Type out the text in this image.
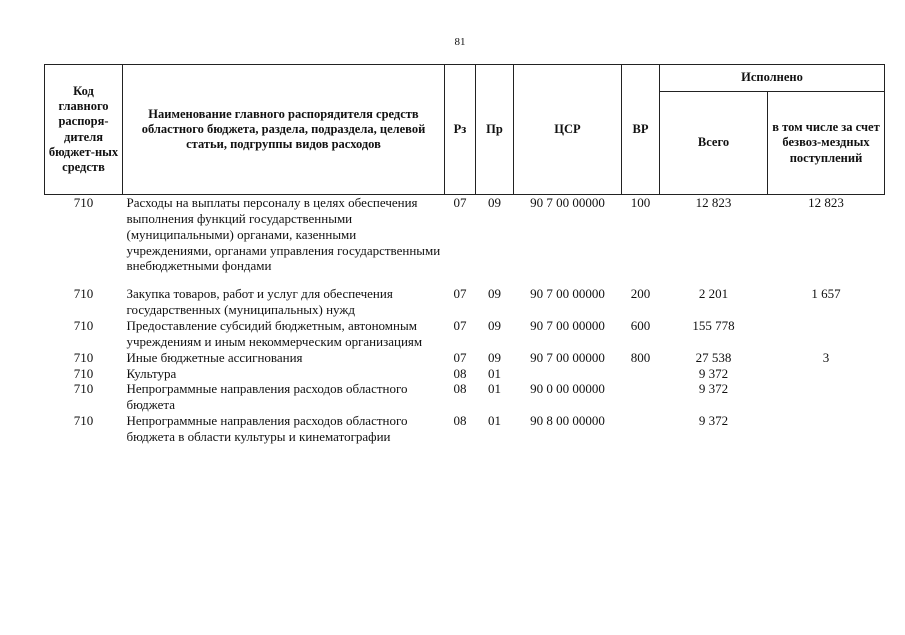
81
Код главного распоря-дителя бюджет-ных средств	Наименование главного распорядителя средств областного бюджета, раздела, подраздела, целевой статьи, подгруппы видов расходов	Рз	Пр	ЦСР	ВР	Исполнено	
						Всего	в том числе за счет безвоз-мездных поступлений
710	Расходы на выплаты персоналу в целях обеспечения выполнения функций государственными (муниципальными) органами, казенными учреждениями, органами управления государственными внебюджетными фондами	07	09	90 7 00 00000	100	12 823	12 823
710	Закупка товаров, работ и услуг для обеспечения государственных (муниципальных) нужд	07	09	90 7 00 00000	200	2 201	1 657
710	Предоставление субсидий бюджетным, автономным учреждениям и иным некоммерческим организациям	07	09	90 7 00 00000	600	155 778	
710	Иные бюджетные ассигнования	07	09	90 7 00 00000	800	27 538	3
710	Культура	08	01			9 372	
710	Непрограммные направления расходов областного бюджета	08	01	90 0 00 00000		9 372	
710	Непрограммные направления расходов областного бюджета в области культуры и кинематографии	08	01	90 8 00 00000		9 372	
